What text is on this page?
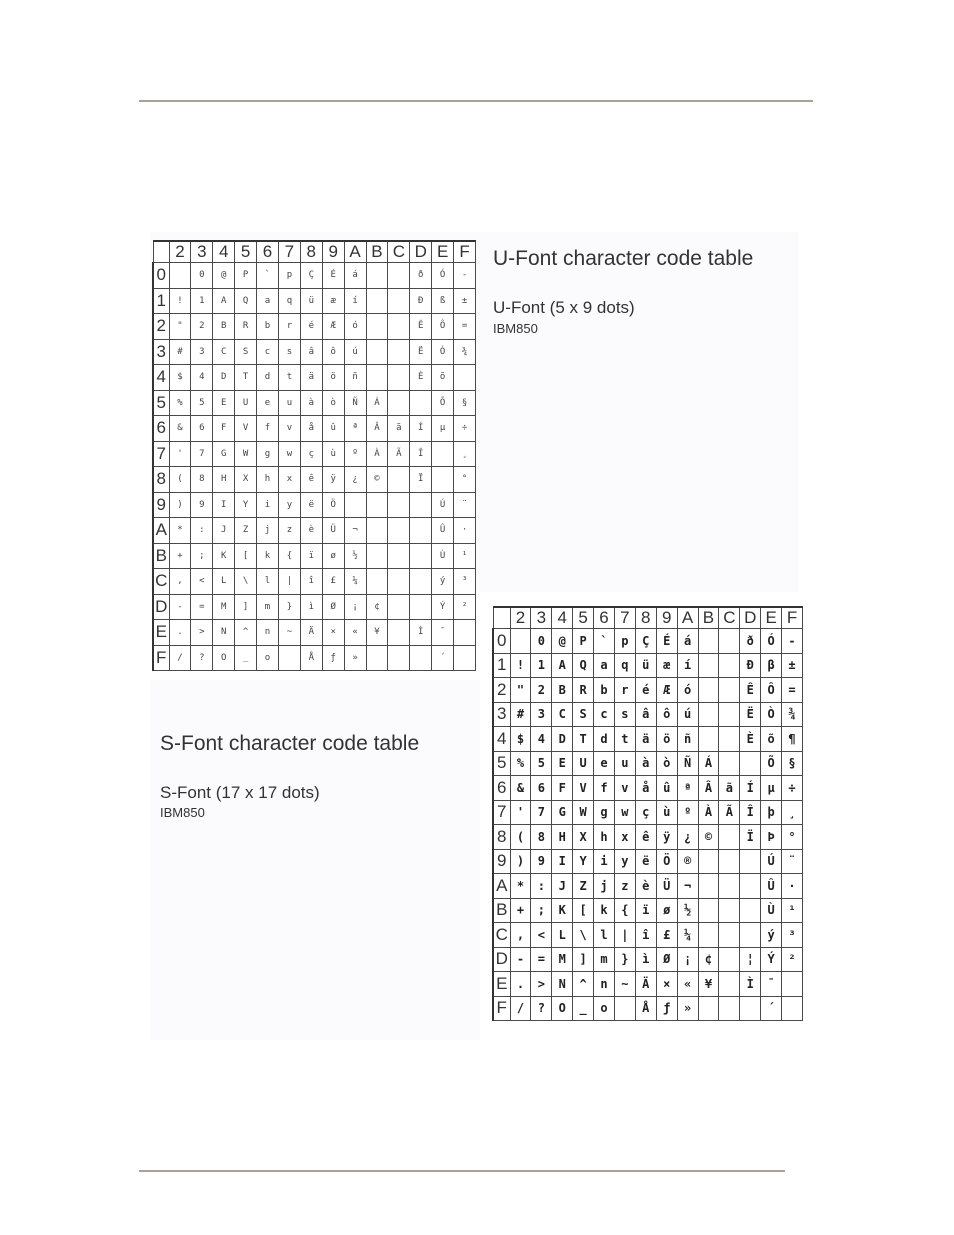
	2	3	4	5	6	7	8	9	A	B	C	D	E	F
0		0	@	P	`	p	Ç	É	á			ð	Ó	-
1	!	1	A	Q	a	q	ü	æ	í			Đ	ß	±
2	"	2	B	R	b	r	é	Æ	ó			Ê	Ô	=
3	#	3	C	S	c	s	â	ô	ú			Ë	Ò	¾
4	$	4	D	T	d	t	ä	ö	ñ			È	õ	
5	%	5	E	U	e	u	à	ò	Ñ	Á			Õ	§
6	&	6	F	V	f	v	å	û	ª	Â	ã	Í	µ	÷
7	'	7	G	W	g	w	ç	ù	º	À	Ã	Î		¸
8	(	8	H	X	h	x	ê	ÿ	¿	©		Ï		°
9	)	9	I	Y	i	y	ë	Ö					Ú	¨
A	*	:	J	Z	j	z	è	Ü	¬				Û	·
B	+	;	K	[	k	{	ï	ø	½				Ù	¹
C	,	<	L	\	l	|	î	£	¼				ý	³
D	-	=	M	]	m	}	ì	Ø	¡	¢			Ý	²
E	.	>	N	^	n	~	Ä	×	«	¥		Ì	¯	
F	/	?	O	_	o		Å	ƒ	»				´	
U-Font character code table
U-Font (5 x 9 dots)
IBM850
	2	3	4	5	6	7	8	9	A	B	C	D	E	F
0		0	@	P	`	p	Ç	É	á			ð	Ó	-
1	!	1	A	Q	a	q	ü	æ	í			Đ	β	±
2	"	2	B	R	b	r	é	Æ	ó			Ê	Ô	=
3	#	3	C	S	c	s	â	ô	ú			Ë	Ò	¾
4	$	4	D	T	d	t	ä	ö	ñ			È	õ	¶
5	%	5	E	U	e	u	à	ò	Ñ	Á			Õ	§
6	&	6	F	V	f	v	å	û	ª	Â	ã	Í	µ	÷
7	'	7	G	W	g	w	ç	ù	º	À	Ã	Î	þ	¸
8	(	8	H	X	h	x	ê	ÿ	¿	©		Ï	Þ	°
9	)	9	I	Y	i	y	ë	Ö	®				Ú	¨
A	*	:	J	Z	j	z	è	Ü	¬				Û	·
B	+	;	K	[	k	{	ï	ø	½				Ù	¹
C	,	<	L	\	l	|	î	£	¼				ý	³
D	-	=	M	]	m	}	ì	Ø	¡	¢		¦	Ý	²
E	.	>	N	^	n	~	Ä	×	«	¥		Ì	¯	
F	/	?	O	_	o		Å	ƒ	»				´	
S-Font character code table
S-Font (17 x 17 dots)
IBM850
